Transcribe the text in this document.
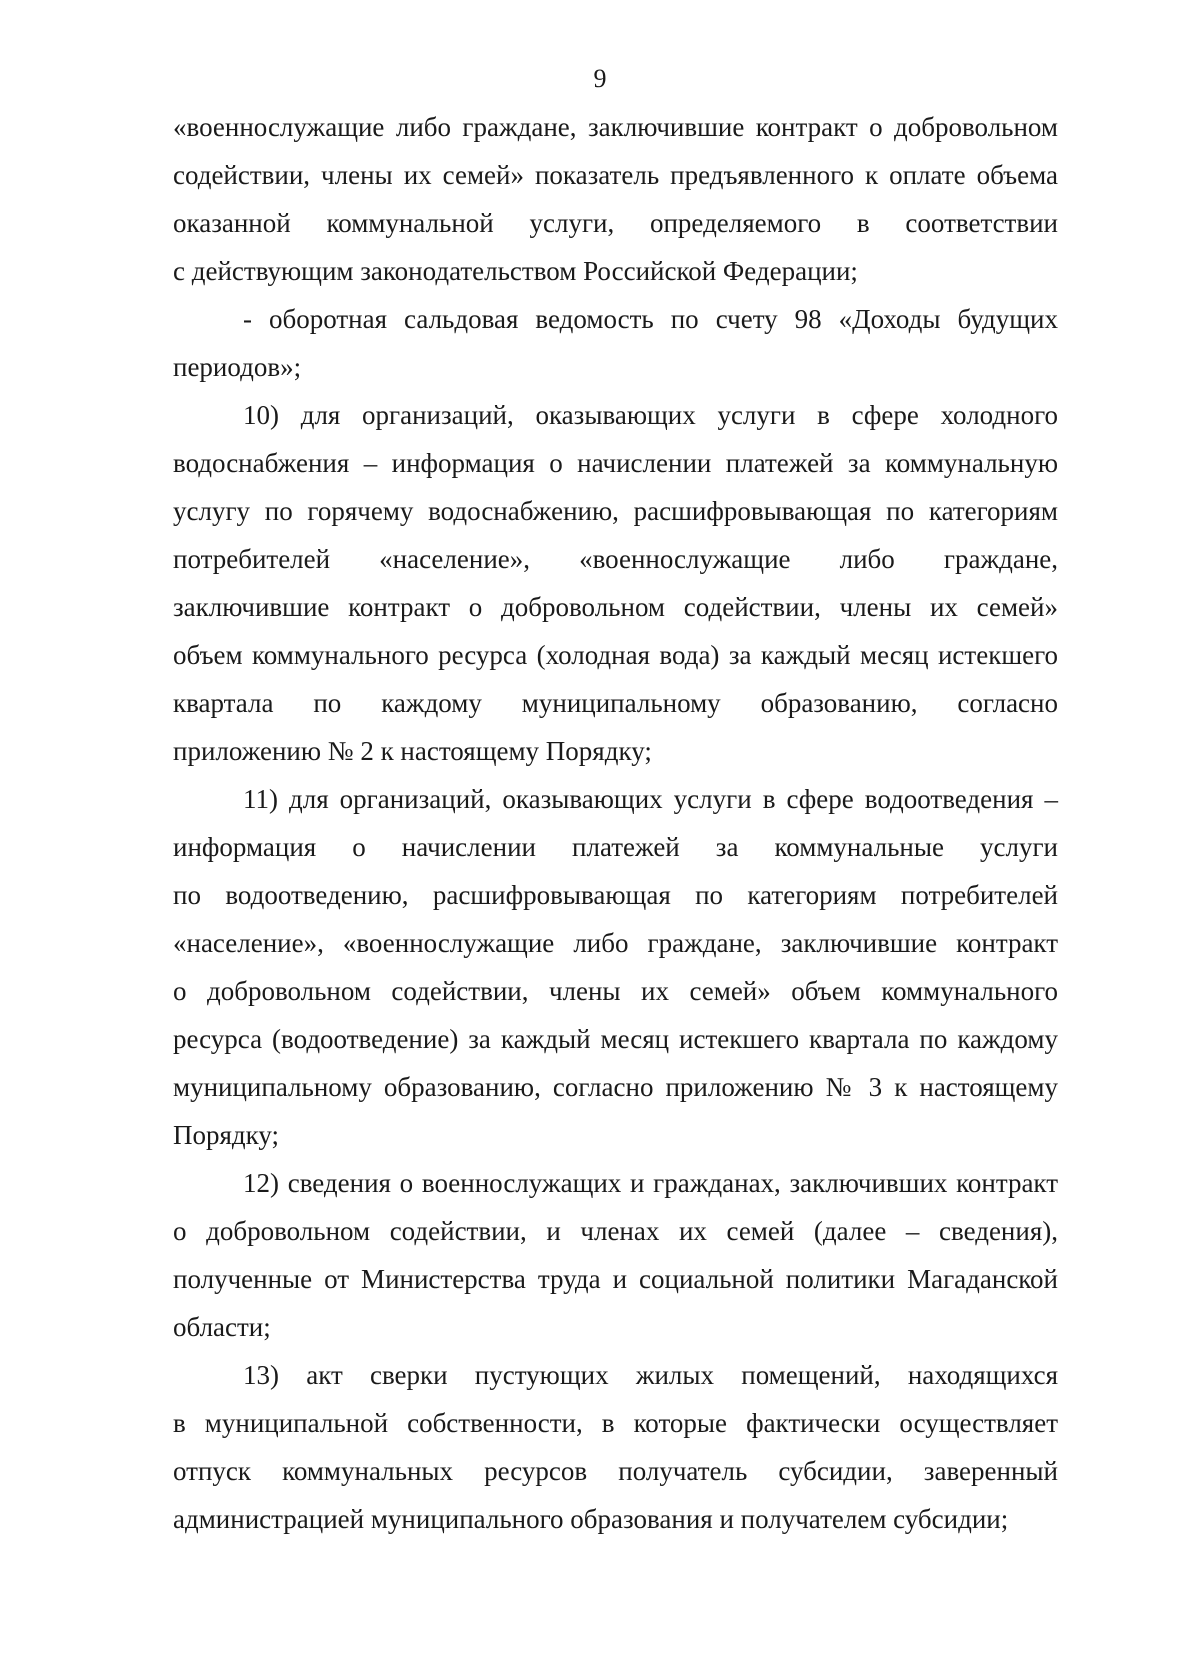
9

«военнослужащие либо граждане, заключившие контракт о добровольном
содействии, члены их семей» показатель предъявленного к оплате объема
оказанной коммунальной услуги, определяемого в соответствии
с действующим законодательством Российской Федерации;

- оборотная сальдовая ведомость по счету 98 «Доходы будущих
периодов»;

10) для организаций, оказывающих услуги в сфере холодного
водоснабжения – информация о начислении платежей за коммунальную
услугу по горячему водоснабжению, расшифровывающая по категориям
потребителей «население», «военнослужащие либо граждане,
заключившие контракт о добровольном содействии, члены их семей»
объем коммунального ресурса (холодная вода) за каждый месяц истекшего
квартала по каждому муниципальному образованию, согласно
приложению № 2 к настоящему Порядку;

11) для организаций, оказывающих услуги в сфере водоотведения –
информация о начислении платежей за коммунальные услуги
по водоотведению, расшифровывающая по категориям потребителей
«население», «военнослужащие либо граждане, заключившие контракт
о добровольном содействии, члены их семей» объем коммунального
ресурса (водоотведение) за каждый месяц истекшего квартала по каждому
муниципальному образованию, согласно приложению № 3 к настоящему
Порядку;

12) сведения о военнослужащих и гражданах, заключивших контракт
о добровольном содействии, и членах их семей (далее – сведения),
полученные от Министерства труда и социальной политики Магаданской
области;

13) акт сверки пустующих жилых помещений, находящихся
в муниципальной собственности, в которые фактически осуществляет
отпуск коммунальных ресурсов получатель субсидии, заверенный
администрацией муниципального образования и получателем субсидии;
